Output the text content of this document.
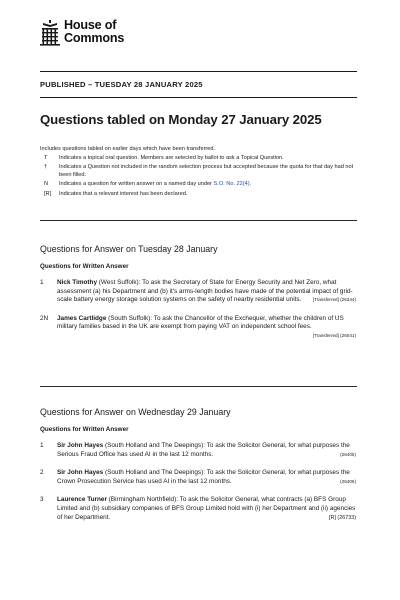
House of
Commons
PUBLISHED – TUESDAY 28 JANUARY 2025
Questions tabled on Monday 27 January 2025
Includes questions tabled on earlier days which have been transferred.
T	Indicates a topical oral question. Members are selected by ballot to ask a Topical Question.
†	Indicates a Question not included in the random selection process but accepted because the quota for that day had not been filled.
N	Indicates a question for written answer on a named day under S.O. No. 22(4).
[R]	Indicates that a relevant interest has been declared.
Questions for Answer on Tuesday 28 January
Questions for Written Answer
1	Nick Timothy (West Suffolk): To ask the Secretary of State for Energy Security and Net Zero, what assessment (a) his Department and (b) it's arms-length bodies have made of the potential impact of grid-scale battery energy storage solution systems on the safety of nearby residential units. [Transferred] (26344)
2N	James Cartlidge (South Suffolk): To ask the Chancellor of the Exchequer, whether the children of US military families based in the UK are exempt from paying VAT on independent school fees.
[Transferred] (26041)
Questions for Answer on Wednesday 29 January
Questions for Written Answer
1	Sir John Hayes (South Holland and The Deepings): To ask the Solicitor General, for what purposes the Serious Fraud Office has used AI in the last 12 months.	(26405)
2	Sir John Hayes (South Holland and The Deepings): To ask the Solicitor General, for what purposes the Crown Prosecution Service has used AI in the last 12 months.	(26406)
3	Laurence Turner (Birmingham Northfield): To ask the Solicitor General, what contracts (a) BFS Group Limited and (b) subsidiary companies of BFS Group Limited hold with (i) her Department and (ii) agencies of her Department.	[R] (26733)
